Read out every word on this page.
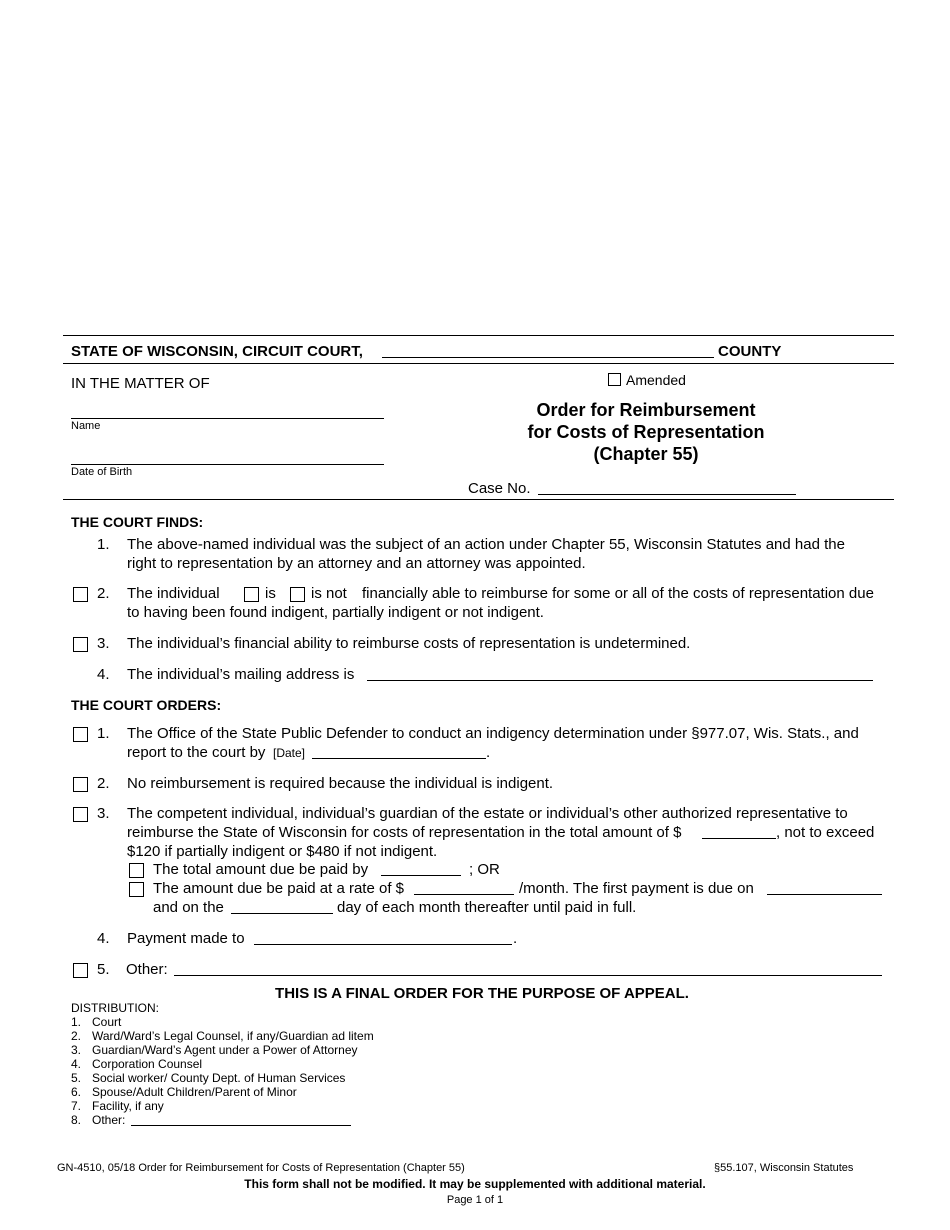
STATE OF WISCONSIN, CIRCUIT COURT,	COUNTY
IN THE MATTER OF
Name
Date of Birth
Amended
Order for Reimbursement
for Costs of Representation
(Chapter 55)
Case No.
THE COURT FINDS:
1. The above-named individual was the subject of an action under Chapter 55, Wisconsin Statutes and had the
right to representation by an attorney and an attorney was appointed.
2. The individual	is is not financially able to reimburse for some or all of the costs of representation due
to having been found indigent, partially indigent or not indigent.
3. The individual’s financial ability to reimburse costs of representation is undetermined.
4. The individual’s mailing address is
THE COURT ORDERS:
1. The Office of the State Public Defender to conduct an indigency determination under §977.07, Wis. Stats., and
report to the court by [Date]	.
2. No reimbursement is required because the individual is indigent.
3. The competent individual, individual’s guardian of the estate or individual’s other authorized representative to
reimburse the State of Wisconsin for costs of representation in the total amount of $	, not to exceed
$120 if partially indigent or $480 if not indigent.
The total amount due be paid by	; OR
The amount due be paid at a rate of $	/month. The first payment is due on
and on the	day of each month thereafter until paid in full.
4. Payment made to	.
5. Other:
THIS IS A FINAL ORDER FOR THE PURPOSE OF APPEAL.
DISTRIBUTION:
1. Court
2. Ward/Ward’s Legal Counsel, if any/Guardian ad litem
3. Guardian/Ward’s Agent under a Power of Attorney
4. Corporation Counsel
5. Social worker/ County Dept. of Human Services
6. Spouse/Adult Children/Parent of Minor
7. Facility, if any
8. Other:
GN-4510, 05/18 Order for Reimbursement for Costs of Representation (Chapter 55)	§55.107, Wisconsin Statutes
This form shall not be modified. It may be supplemented with additional material.
Page 1 of 1
